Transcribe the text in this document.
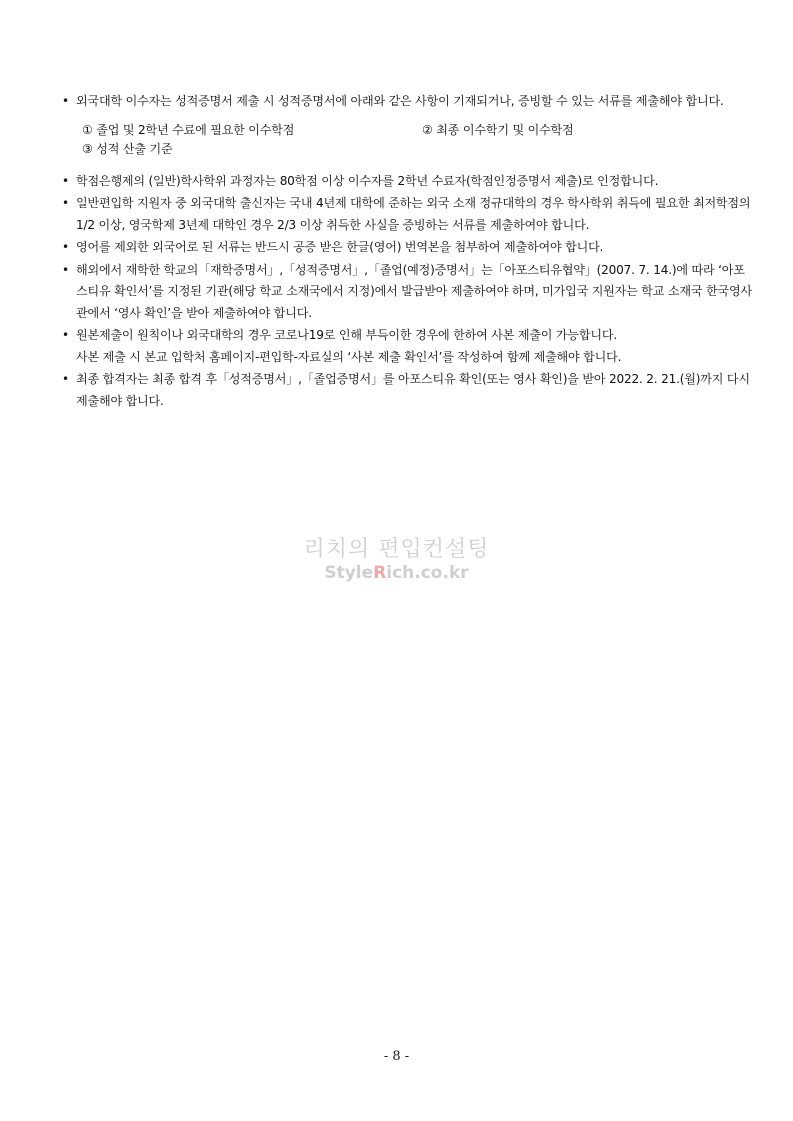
• 외국대학 이수자는 성적증명서 제출 시 성적증명서에 아래와 같은 사항이 기재되거나, 증빙할 수 있는 서류를 제출해야 합니다.
① 졸업 및 2학년 수료에 필요한 이수학점	② 최종 이수학기 및 이수학점
③ 성적 산출 기준
• 학점은행제의 (일반)학사학위 과정자는 80학점 이상 이수자를 2학년 수료자(학점인정증명서 제출)로 인정합니다.
• 일반편입학 지원자 중 외국대학 출신자는 국내 4년제 대학에 준하는 외국 소재 정규대학의 경우 학사학위 취득에 필요한 최저학점의 1/2 이상, 영국학제 3년제 대학인 경우 2/3 이상 취득한 사실을 증빙하는 서류를 제출하여야 합니다.
• 영어를 제외한 외국어로 된 서류는 반드시 공증 받은 한글(영어) 번역본을 첨부하여 제출하여야 합니다.
• 해외에서 재학한 학교의「재학증명서」,「성적증명서」,「졸업(예정)증명서」는「아포스티유협약」(2007. 7. 14.)에 따라 ‘아포스티유 확인서’를 지정된 기관(해당 학교 소재국에서 지정)에서 발급받아 제출하여야 하며, 미가입국 지원자는 학교 소재국 한국영사관에서 ‘영사 확인’을 받아 제출하여야 합니다.
• 원본제출이 원칙이나 외국대학의 경우 코로나19로 인해 부득이한 경우에 한하여 사본 제출이 가능합니다.
사본 제출 시 본교 입학처 홈페이지-편입학-자료실의 ‘사본 제출 확인서’를 작성하여 함께 제출해야 합니다.
• 최종 합격자는 최종 합격 후「성적증명서」,「졸업증명서」를 아포스티유 확인(또는 영사 확인)을 받아 2022. 2. 21.(월)까지 다시 제출해야 합니다.
리치의 편입컨설팅
StyleRich.co.kr
- 8 -
